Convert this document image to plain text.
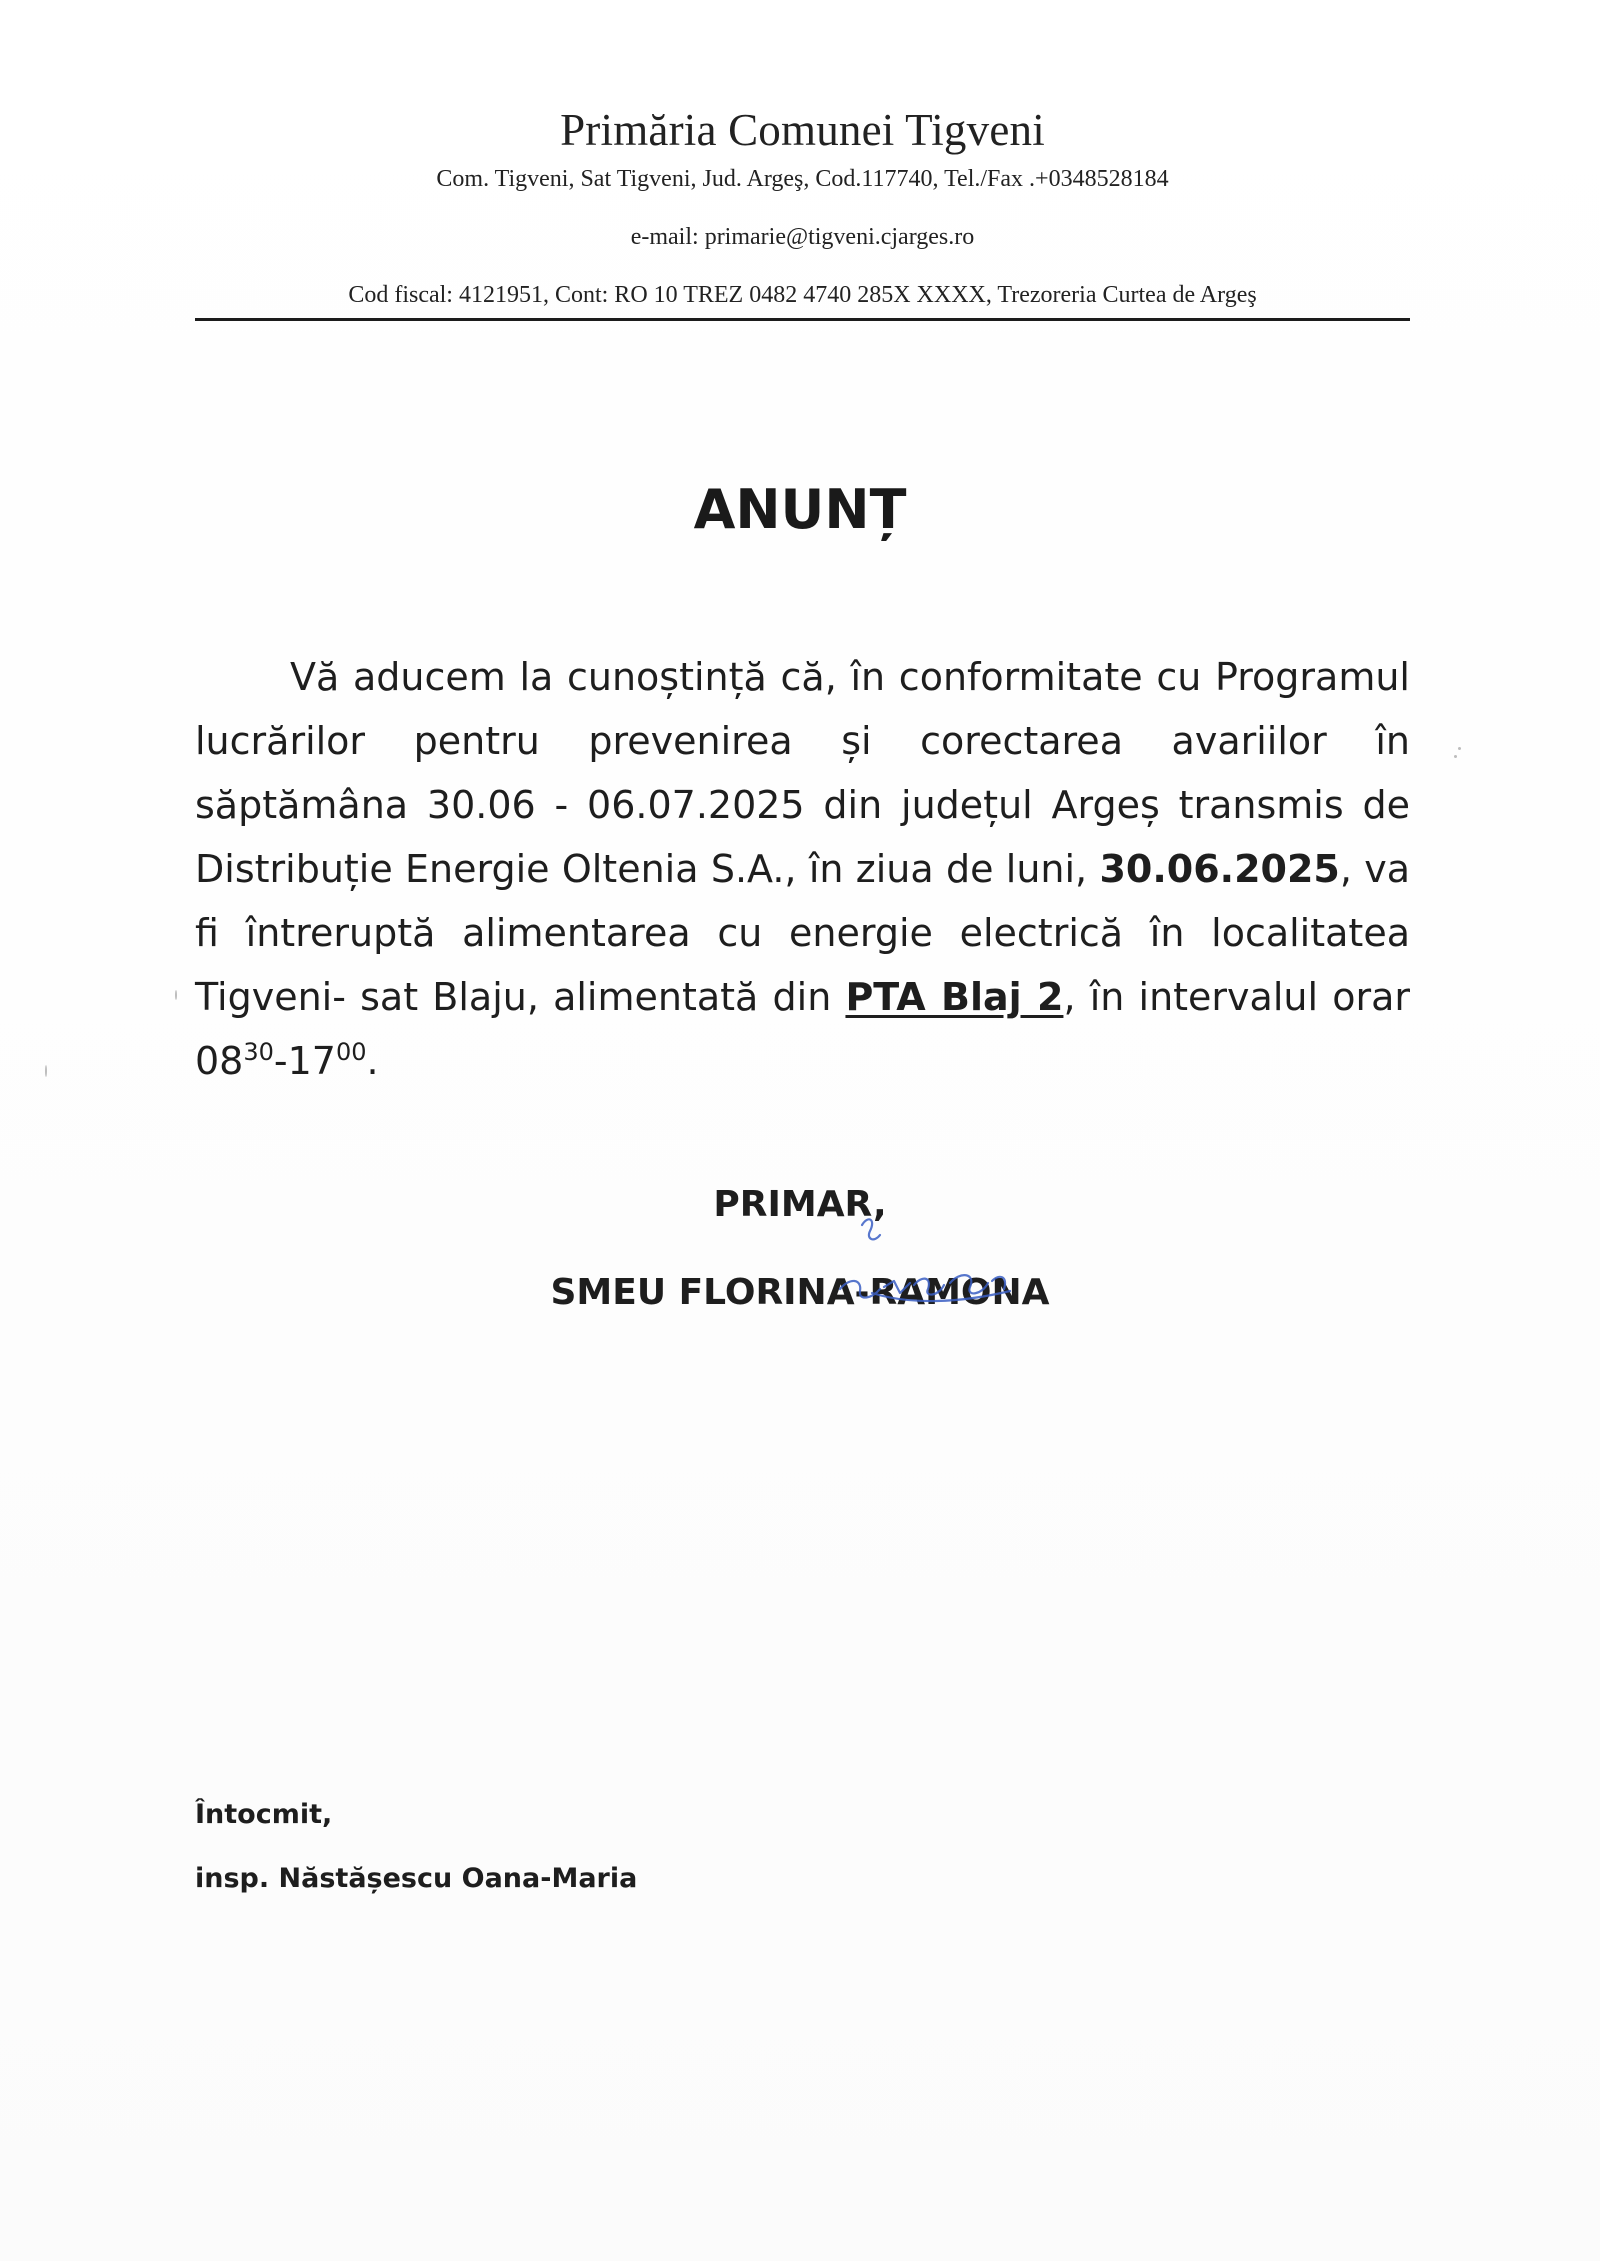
Primăria Comunei Tigveni

Com. Tigveni, Sat Tigveni, Jud. Argeş, Cod.117740, Tel./Fax .+0348528184

e-mail: primarie@tigveni.cjarges.ro

Cod fiscal: 4121951, Cont: RO 10 TREZ 0482 4740 285X XXXX, Trezoreria Curtea de Argeş

ANUNȚ

Vă aducem la cunoștință că, în conformitate cu Programul lucrărilor pentru prevenirea și corectarea avariilor în săptămâna 30.06 - 06.07.2025 din județul Argeș transmis de Distribuție Energie Oltenia S.A., în ziua de luni, 30.06.2025, va fi întreruptă alimentarea cu energie electrică în localitatea Tigveni- sat Blaju, alimentată din PTA Blaj 2, în intervalul orar $08^{30}-17^{00}$.

PRIMAR,

SMEU FLORINA-RAMONA

Întocmit,

insp. Năstășescu Oana-Maria
